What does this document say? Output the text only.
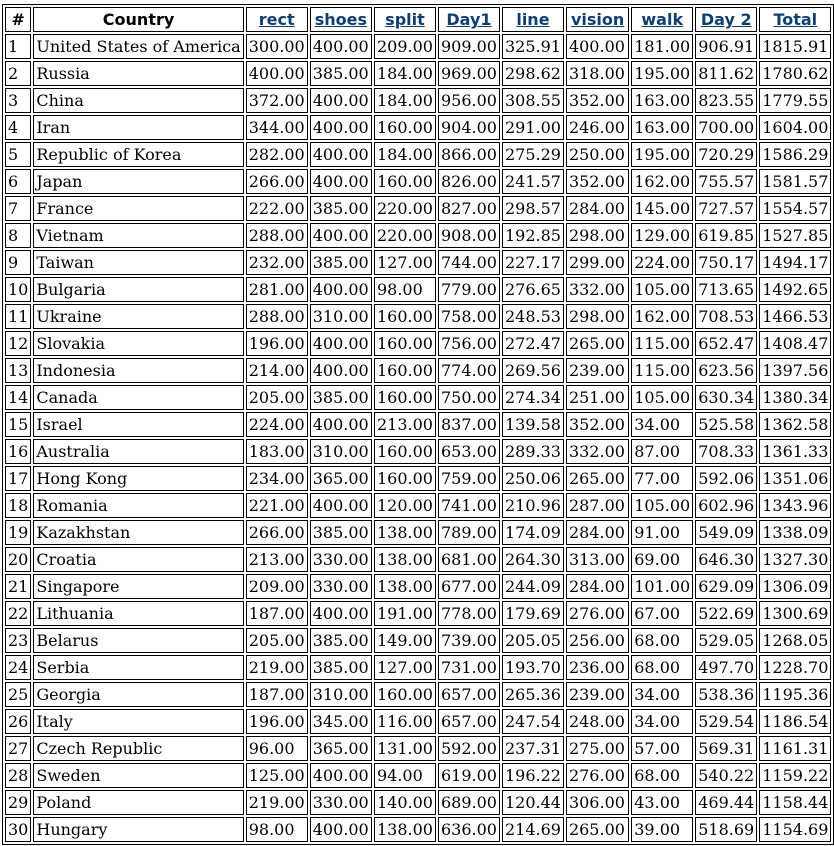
#	Country	rect	shoes	split	Day1	line	vision	walk	Day 2	Total
1	United States of America	300.00	400.00	209.00	909.00	325.91	400.00	181.00	906.91	1815.91
2	Russia	400.00	385.00	184.00	969.00	298.62	318.00	195.00	811.62	1780.62
3	China	372.00	400.00	184.00	956.00	308.55	352.00	163.00	823.55	1779.55
4	Iran	344.00	400.00	160.00	904.00	291.00	246.00	163.00	700.00	1604.00
5	Republic of Korea	282.00	400.00	184.00	866.00	275.29	250.00	195.00	720.29	1586.29
6	Japan	266.00	400.00	160.00	826.00	241.57	352.00	162.00	755.57	1581.57
7	France	222.00	385.00	220.00	827.00	298.57	284.00	145.00	727.57	1554.57
8	Vietnam	288.00	400.00	220.00	908.00	192.85	298.00	129.00	619.85	1527.85
9	Taiwan	232.00	385.00	127.00	744.00	227.17	299.00	224.00	750.17	1494.17
10	Bulgaria	281.00	400.00	98.00	779.00	276.65	332.00	105.00	713.65	1492.65
11	Ukraine	288.00	310.00	160.00	758.00	248.53	298.00	162.00	708.53	1466.53
12	Slovakia	196.00	400.00	160.00	756.00	272.47	265.00	115.00	652.47	1408.47
13	Indonesia	214.00	400.00	160.00	774.00	269.56	239.00	115.00	623.56	1397.56
14	Canada	205.00	385.00	160.00	750.00	274.34	251.00	105.00	630.34	1380.34
15	Israel	224.00	400.00	213.00	837.00	139.58	352.00	34.00	525.58	1362.58
16	Australia	183.00	310.00	160.00	653.00	289.33	332.00	87.00	708.33	1361.33
17	Hong Kong	234.00	365.00	160.00	759.00	250.06	265.00	77.00	592.06	1351.06
18	Romania	221.00	400.00	120.00	741.00	210.96	287.00	105.00	602.96	1343.96
19	Kazakhstan	266.00	385.00	138.00	789.00	174.09	284.00	91.00	549.09	1338.09
20	Croatia	213.00	330.00	138.00	681.00	264.30	313.00	69.00	646.30	1327.30
21	Singapore	209.00	330.00	138.00	677.00	244.09	284.00	101.00	629.09	1306.09
22	Lithuania	187.00	400.00	191.00	778.00	179.69	276.00	67.00	522.69	1300.69
23	Belarus	205.00	385.00	149.00	739.00	205.05	256.00	68.00	529.05	1268.05
24	Serbia	219.00	385.00	127.00	731.00	193.70	236.00	68.00	497.70	1228.70
25	Georgia	187.00	310.00	160.00	657.00	265.36	239.00	34.00	538.36	1195.36
26	Italy	196.00	345.00	116.00	657.00	247.54	248.00	34.00	529.54	1186.54
27	Czech Republic	96.00	365.00	131.00	592.00	237.31	275.00	57.00	569.31	1161.31
28	Sweden	125.00	400.00	94.00	619.00	196.22	276.00	68.00	540.22	1159.22
29	Poland	219.00	330.00	140.00	689.00	120.44	306.00	43.00	469.44	1158.44
30	Hungary	98.00	400.00	138.00	636.00	214.69	265.00	39.00	518.69	1154.69
